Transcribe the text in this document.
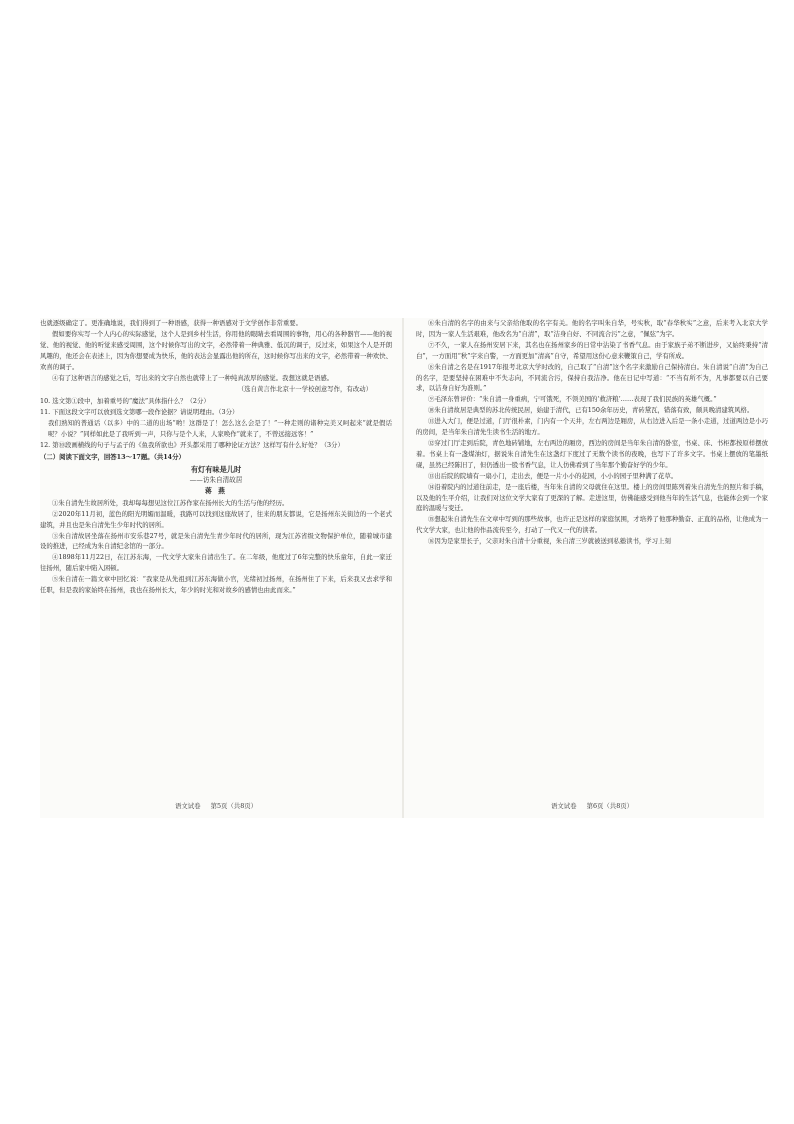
也就逐级确定了。更准确地说，我们得到了一种语感，获得一种语感对于文学创作非常重要。

假如要你实写一个人内心的实际感觉，这个人是到乡村生活，你用他的眼睛去看周围的事物，用心的各种器官——他的视觉、他的视觉、他的听觉来感受周围，这个时候你写出的文字，必然带着一种典雅、低沉的调子，反过来，如果这个人是开朗风趣的，他还会在表述上，因为你想要成为快乐，他的表达会显露出他的所在，这时候你写出来的文字，必然带着一种欢快、欢喜的调子。

④有了这种语言的感觉之后，写出来的文字自然也就带上了一种纯真浓厚的感觉。我想这就是语感。

（选自黄言作北京十一学校创意写作，有改动）

10. 选文第①段中，加着重号的“魔法”具体指什么？（2分）

11. 下面这段文字可以放到选文第哪一段作论据？请说明理由。（3分）

我们熟知的普通话（以多）中的二道的出场“哟！这群是了！怎么这么会是了！”一种走则的诸种完美又呵起来“就是假话呢？小说？”同样如此是了我听到一声，只你与是个人来，人家唤作“就来了，不曾远接远客！”

12. 第⑩段画横线的句子与孟子的《鱼我所欲也》开头都采用了哪种论证方法？这样写有什么好处？（3分）

（二）阅读下面文字，回答13～17题。（共14分）

有灯有味是儿时
——访朱自清故居
蒋 燕

①朱自清先生故居所处，我却每每想见这位江苏作家在扬州长大的生活与他的经历。

②2020年11月初，蓝色的阳光明媚而温暖，我路可以找到这座故居了，往来的朋友都说，它是扬州东关街边的一个老式建筑，并且也是朱自清先生少年时代的居所。

③朱自清故居坐落在扬州市安乐巷27号，就是朱自清先生青少年时代的居所，现为江苏省级文物保护单位，随着城市建设的推进，已经成为朱自清纪念馆的一部分。

④1898年11月22日，在江苏东海，一代文学大家朱自清出生了。在二年级，他度过了6年完整的快乐童年，自此一家迁往扬州，随后家中陷入困顿。

⑤朱自清在一篇文章中回忆说：“我家是从先祖到江苏东海做小官，光绪初过扬州，在扬州住了下来，后来我又去求学和任职，但是我的家始终在扬州，我也在扬州长大，年少的时光和对故乡的感情也由此而来。”

语文试卷 第5页（共8页）

⑥朱自清的名字的由来与父亲给他取的名字有关。他的名字叫朱自华，号实秋，取“春华秋实”之意，后来考入北京大学时，因为一家人生活艰难，他改名为“自清”，取“洁身自好、不同流合污”之意，“佩弦”为字。

⑦不久，一家人在扬州安居下来，其名也在扬州家乡的日常中沾染了书香气息。由于家族子弟不断进步，又始终秉持“清白”，一方面用“秋”字来自警，一方面更加“清高”自守，希望用这份心意来鞭策自己，学有所成。

⑧朱自清之名是在1917年报考北京大学时改的，自己取了“自清”这个名字来激励自己保持清白。朱自清说“自清”为自己的名字，是要坚持在困难中不失志向，不同流合污，保持自我洁净。他在日记中写道：“不当有所不为，凡事都要以自己要求，以洁身自好为准则。”

⑨毛泽东曾评价：“朱自清一身重病，宁可饿死，不领美国的‘救济粮’……表现了我们民族的英雄气概。”

⑩朱自清故居是典型的苏北传统民居，始建于清代，已有150余年历史，青砖黛瓦，错落有致，颇具晚清建筑风格。

⑪进入大门，便是过道，门厅很朴素，门内有一个天井，左右两边是厢房，从右边进入后是一条小走道，过道两边是小巧的房间，是当年朱自清先生读书生活的地方。

⑫穿过门厅走到后院，青色地砖铺地，左右两边的厢房，西边的房间是当年朱自清的卧室，书桌、床、书柜都按原样摆放着。书桌上有一盏煤油灯，据说朱自清先生在这盏灯下度过了无数个读书的夜晚，也写下了许多文字。书桌上摆放的笔墨纸砚，虽然已经陈旧了，但仍透出一股书香气息，让人仿佛看到了当年那个勤奋好学的少年。

⑬出后院的院墙有一扇小门，走出去，便是一片小小的花园，小小的园子里种满了花草。

⑭沿着院内的过道往前走，是一座后楼，当年朱自清的父母就住在这里。楼上的房间里陈列着朱自清先生的照片和手稿，以及他的生平介绍，让我们对这位文学大家有了更深的了解。走进这里，仿佛能感受到他当年的生活气息，也能体会到一个家庭的温暖与变迁。

⑮想起朱自清先生在文章中写到的那些故事，也许正是这样的家庭氛围，才培养了他那种勤奋、正直的品格，让他成为一代文学大家，也让他的作品流传至今，打动了一代又一代的读者。

⑯因为是家里长子，父亲对朱自清十分重视，朱自清三岁就被送到私塾读书，学习上刻

语文试卷 第6页（共8页）
